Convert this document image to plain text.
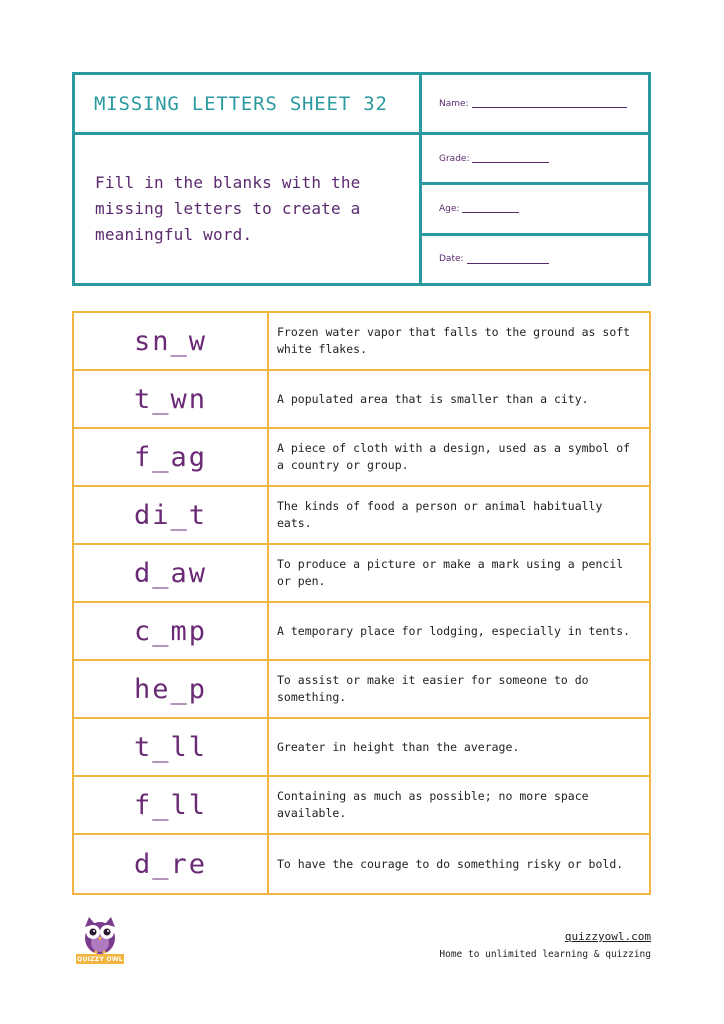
MISSING LETTERS SHEET 32	Name:
Fill in the blanks with the missing letters to create a meaningful word.
Grade:
Age:
Date:
sn_w	Frozen water vapor that falls to the ground as soft white flakes.
t_wn	A populated area that is smaller than a city.
f_ag	A piece of cloth with a design, used as a symbol of a country or group.
di_t	The kinds of food a person or animal habitually eats.
d_aw	To produce a picture or make a mark using a pencil or pen.
c_mp	A temporary place for lodging, especially in tents.
he_p	To assist or make it easier for someone to do something.
t_ll	Greater in height than the average.
f_ll	Containing as much as possible; no more space available.
d_re	To have the courage to do something risky or bold.
QUIZZY OWL
quizzyowl.com
Home to unlimited learning & quizzing
